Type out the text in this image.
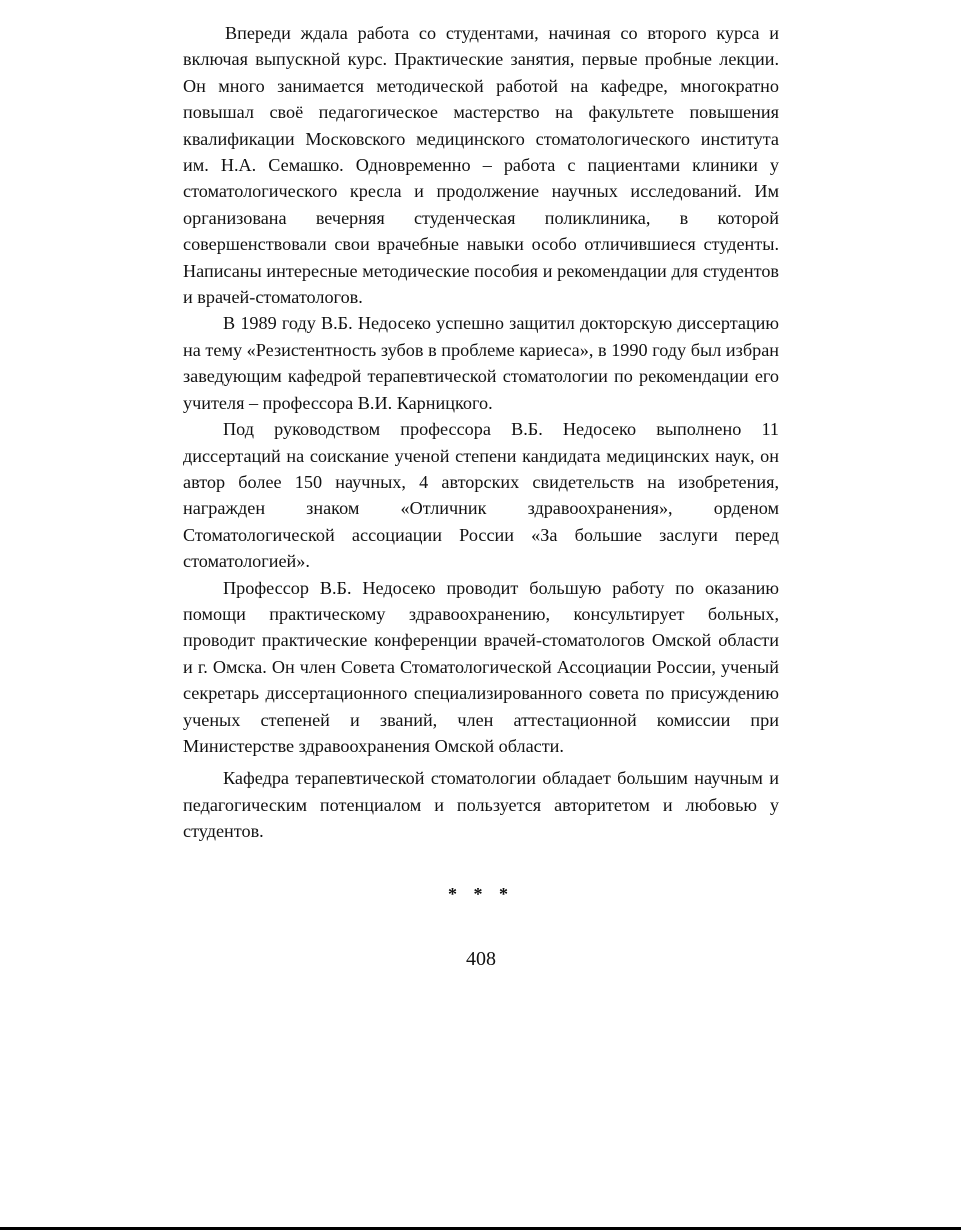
Впереди ждала работа со студентами, начиная со второго курса и включая выпускной курс. Практические занятия, первые пробные лекции. Он много занимается методической работой на кафедре, многократно повышал своё педагогическое мастерство на факультете повышения квалификации Московского медицинского стоматологического института им. Н.А. Семашко. Одновременно – работа с пациентами клиники у стоматологического кресла и продолжение научных исследований. Им организована вечерняя студенческая поликлиника, в которой совершенствовали свои врачебные навыки особо отличившиеся студенты. Написаны интересные методические пособия и рекомендации для студентов и врачей-стоматологов.

В 1989 году В.Б. Недосеко успешно защитил докторскую диссертацию на тему «Резистентность зубов в проблеме кариеса», в 1990 году был избран заведующим кафедрой терапевтической стоматологии по рекомендации его учителя – профессора В.И. Карницкого.

Под руководством профессора В.Б. Недосеко выполнено 11 диссертаций на соискание ученой степени кандидата медицинских наук, он автор более 150 научных, 4 авторских свидетельств на изобретения, награжден знаком «Отличник здравоохранения», орденом Стоматологической ассоциации России «За большие заслуги перед стоматологией».

Профессор В.Б. Недосеко проводит большую работу по оказанию помощи практическому здравоохранению, консультирует больных, проводит практические конференции врачей-стоматологов Омской области и г. Омска. Он член Совета Стоматологической Ассоциации России, ученый секретарь диссертационного специализированного совета по присуждению ученых степеней и званий, член аттестационной комиссии при Министерстве здравоохранения Омской области.

Кафедра терапевтической стоматологии обладает большим научным и педагогическим потенциалом и пользуется авторитетом и любовью у студентов.

* * *
408
